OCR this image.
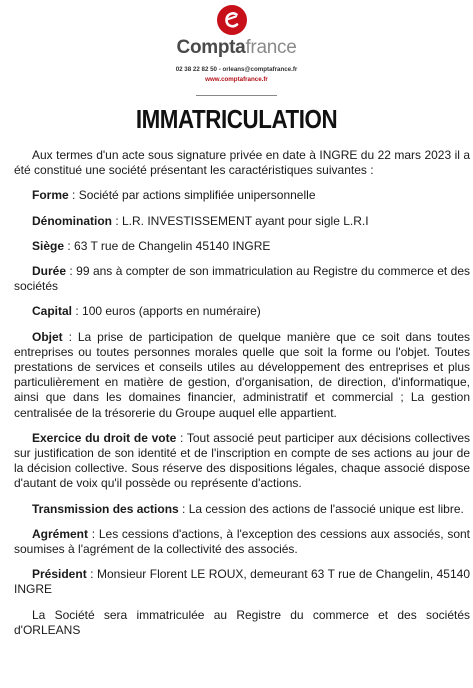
Comptafrance
02 38 22 82 50 - orleans@comptafrance.fr
www.comptafrance.fr
IMMATRICULATION

Aux termes d'un acte sous signature privée en date à INGRE du 22 mars 2023 il a été constitué une société présentant les caractéristiques suivantes :

Forme : Société par actions simplifiée unipersonnelle

Dénomination : L.R. INVESTISSEMENT ayant pour sigle L.R.I

Siège : 63 T rue de Changelin 45140 INGRE

Durée : 99 ans à compter de son immatriculation au Registre du commerce et des sociétés

Capital : 100 euros (apports en numéraire)

Objet : La prise de participation de quelque manière que ce soit dans toutes entreprises ou toutes personnes morales quelle que soit la forme ou l'objet. Toutes prestations de services et conseils utiles au développement des entreprises et plus particulièrement en matière de gestion, d'organisation, de direction, d'informatique, ainsi que dans les domaines financier, administratif et commercial ; La gestion centralisée de la trésorerie du Groupe auquel elle appartient.

Exercice du droit de vote : Tout associé peut participer aux décisions collectives sur justification de son identité et de l'inscription en compte de ses actions au jour de la décision collective. Sous réserve des dispositions légales, chaque associé dispose d'autant de voix qu'il possède ou représente d'actions.

Transmission des actions : La cession des actions de l'associé unique est libre.

Agrément : Les cessions d'actions, à l'exception des cessions aux associés, sont soumises à l'agrément de la collectivité des associés.

Président : Monsieur Florent LE ROUX, demeurant 63 T rue de Changelin, 45140 INGRE

La Société sera immatriculée au Registre du commerce et des sociétés d'ORLEANS
